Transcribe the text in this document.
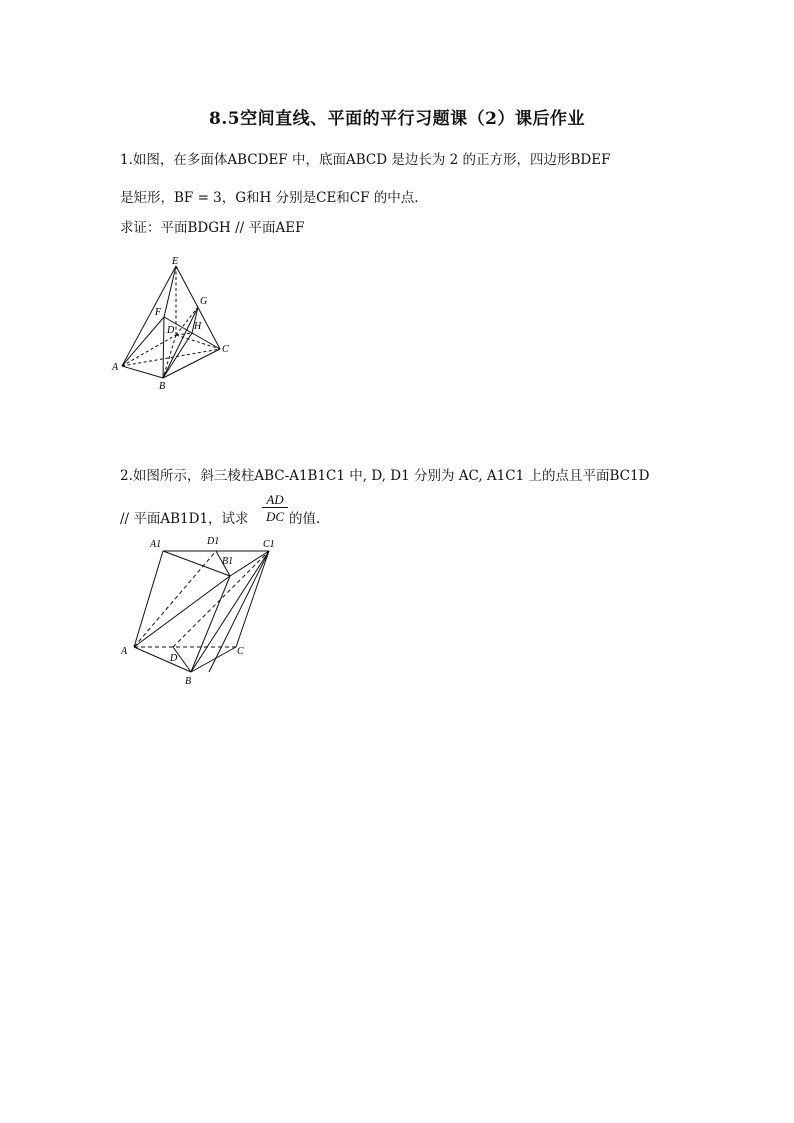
8.5空间直线、平面的平行习题课（2）课后作业
1.如图，在多面体ABCDEF 中，底面ABCD 是边长为 2 的正方形，四边形BDEF
是矩形，BF = 3，G和H 分别是CE和CF 的中点.
求证：平面BDGH // 平面AEF
E
G
F
D H
C
A
B
2.如图所示，斜三棱柱ABC-A1B1C1 中, D, D1 分别为 AC, A1C1 上的点且平面BC1D
// 平面AB1D1，试求 $\frac{AD}{DC}$ 的值.
A1	D1	C1
B1
A
D
C
B
